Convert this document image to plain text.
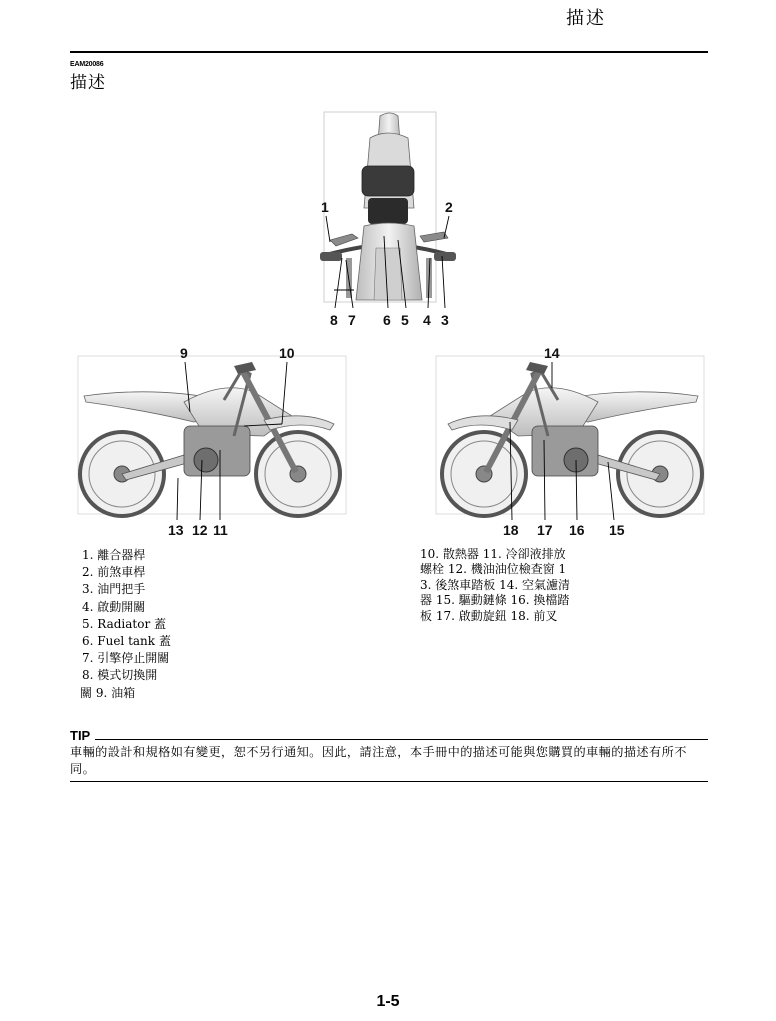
描述
EAM20086
描述
1	2
8 7 6 5 4 3
9	10
13 12 11
14
18 17 16 15
1. 離合器桿
2. 前煞車桿
3. 油門把手
4. 啟動開關
5. Radiator 蓋
6. Fuel tank 蓋
7. 引擎停止開關
8. 模式切換開
關 9. 油箱
10. 散熱器 11. 冷卻液排放螺栓 12. 機油油位檢查窗 13. 後煞車踏板 14. 空氣濾清器 15. 驅動鏈條 16. 換檔踏板 17. 啟動旋鈕 18. 前叉
TIP
車輛的設計和規格如有變更，恕不另行通知。因此，請注意，本手冊中的描述可能與您購買的車輛的描述有所不同。
1-5
